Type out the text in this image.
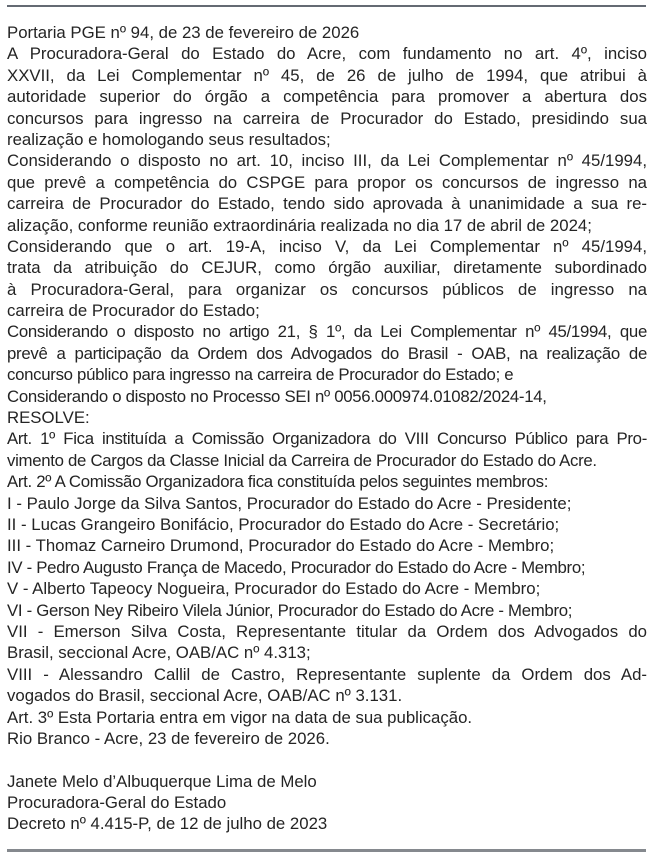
Portaria PGE nº 94, de 23 de fevereiro de 2026
A Procuradora-Geral do Estado do Acre, com fundamento no art. 4º, inciso
XXVII, da Lei Complementar nº 45, de 26 de julho de 1994, que atribui à
autoridade superior do órgão a competência para promover a abertura dos
concursos para ingresso na carreira de Procurador do Estado, presidindo sua
realização e homologando seus resultados;
Considerando o disposto no art. 10, inciso III, da Lei Complementar nº 45/1994,
que prevê a competência do CSPGE para propor os concursos de ingresso na
carreira de Procurador do Estado, tendo sido aprovada à unanimidade a sua re-
alização, conforme reunião extraordinária realizada no dia 17 de abril de 2024;
Considerando que o art. 19-A, inciso V, da Lei Complementar nº 45/1994,
trata da atribuição do CEJUR, como órgão auxiliar, diretamente subordinado
à Procuradora-Geral, para organizar os concursos públicos de ingresso na
carreira de Procurador do Estado;
Considerando o disposto no artigo 21, § 1º, da Lei Complementar nº 45/1994, que
prevê a participação da Ordem dos Advogados do Brasil - OAB, na realização de
concurso público para ingresso na carreira de Procurador do Estado; e
Considerando o disposto no Processo SEI nº 0056.000974.01082/2024-14,
RESOLVE:
Art. 1º Fica instituída a Comissão Organizadora do VIII Concurso Público para Pro-
vimento de Cargos da Classe Inicial da Carreira de Procurador do Estado do Acre.
Art. 2º A Comissão Organizadora fica constituída pelos seguintes membros:
I - Paulo Jorge da Silva Santos, Procurador do Estado do Acre - Presidente;
II - Lucas Grangeiro Bonifácio, Procurador do Estado do Acre - Secretário;
III - Thomaz Carneiro Drumond, Procurador do Estado do Acre - Membro;
IV - Pedro Augusto França de Macedo, Procurador do Estado do Acre - Membro;
V - Alberto Tapeocy Nogueira, Procurador do Estado do Acre - Membro;
VI - Gerson Ney Ribeiro Vilela Júnior, Procurador do Estado do Acre - Membro;
VII - Emerson Silva Costa, Representante titular da Ordem dos Advogados do
Brasil, seccional Acre, OAB/AC nº 4.313;
VIII - Alessandro Callil de Castro, Representante suplente da Ordem dos Ad-
vogados do Brasil, seccional Acre, OAB/AC nº 3.131.
Art. 3º Esta Portaria entra em vigor na data de sua publicação.
Rio Branco - Acre, 23 de fevereiro de 2026.
Janete Melo d’Albuquerque Lima de Melo
Procuradora-Geral do Estado
Decreto nº 4.415-P, de 12 de julho de 2023
